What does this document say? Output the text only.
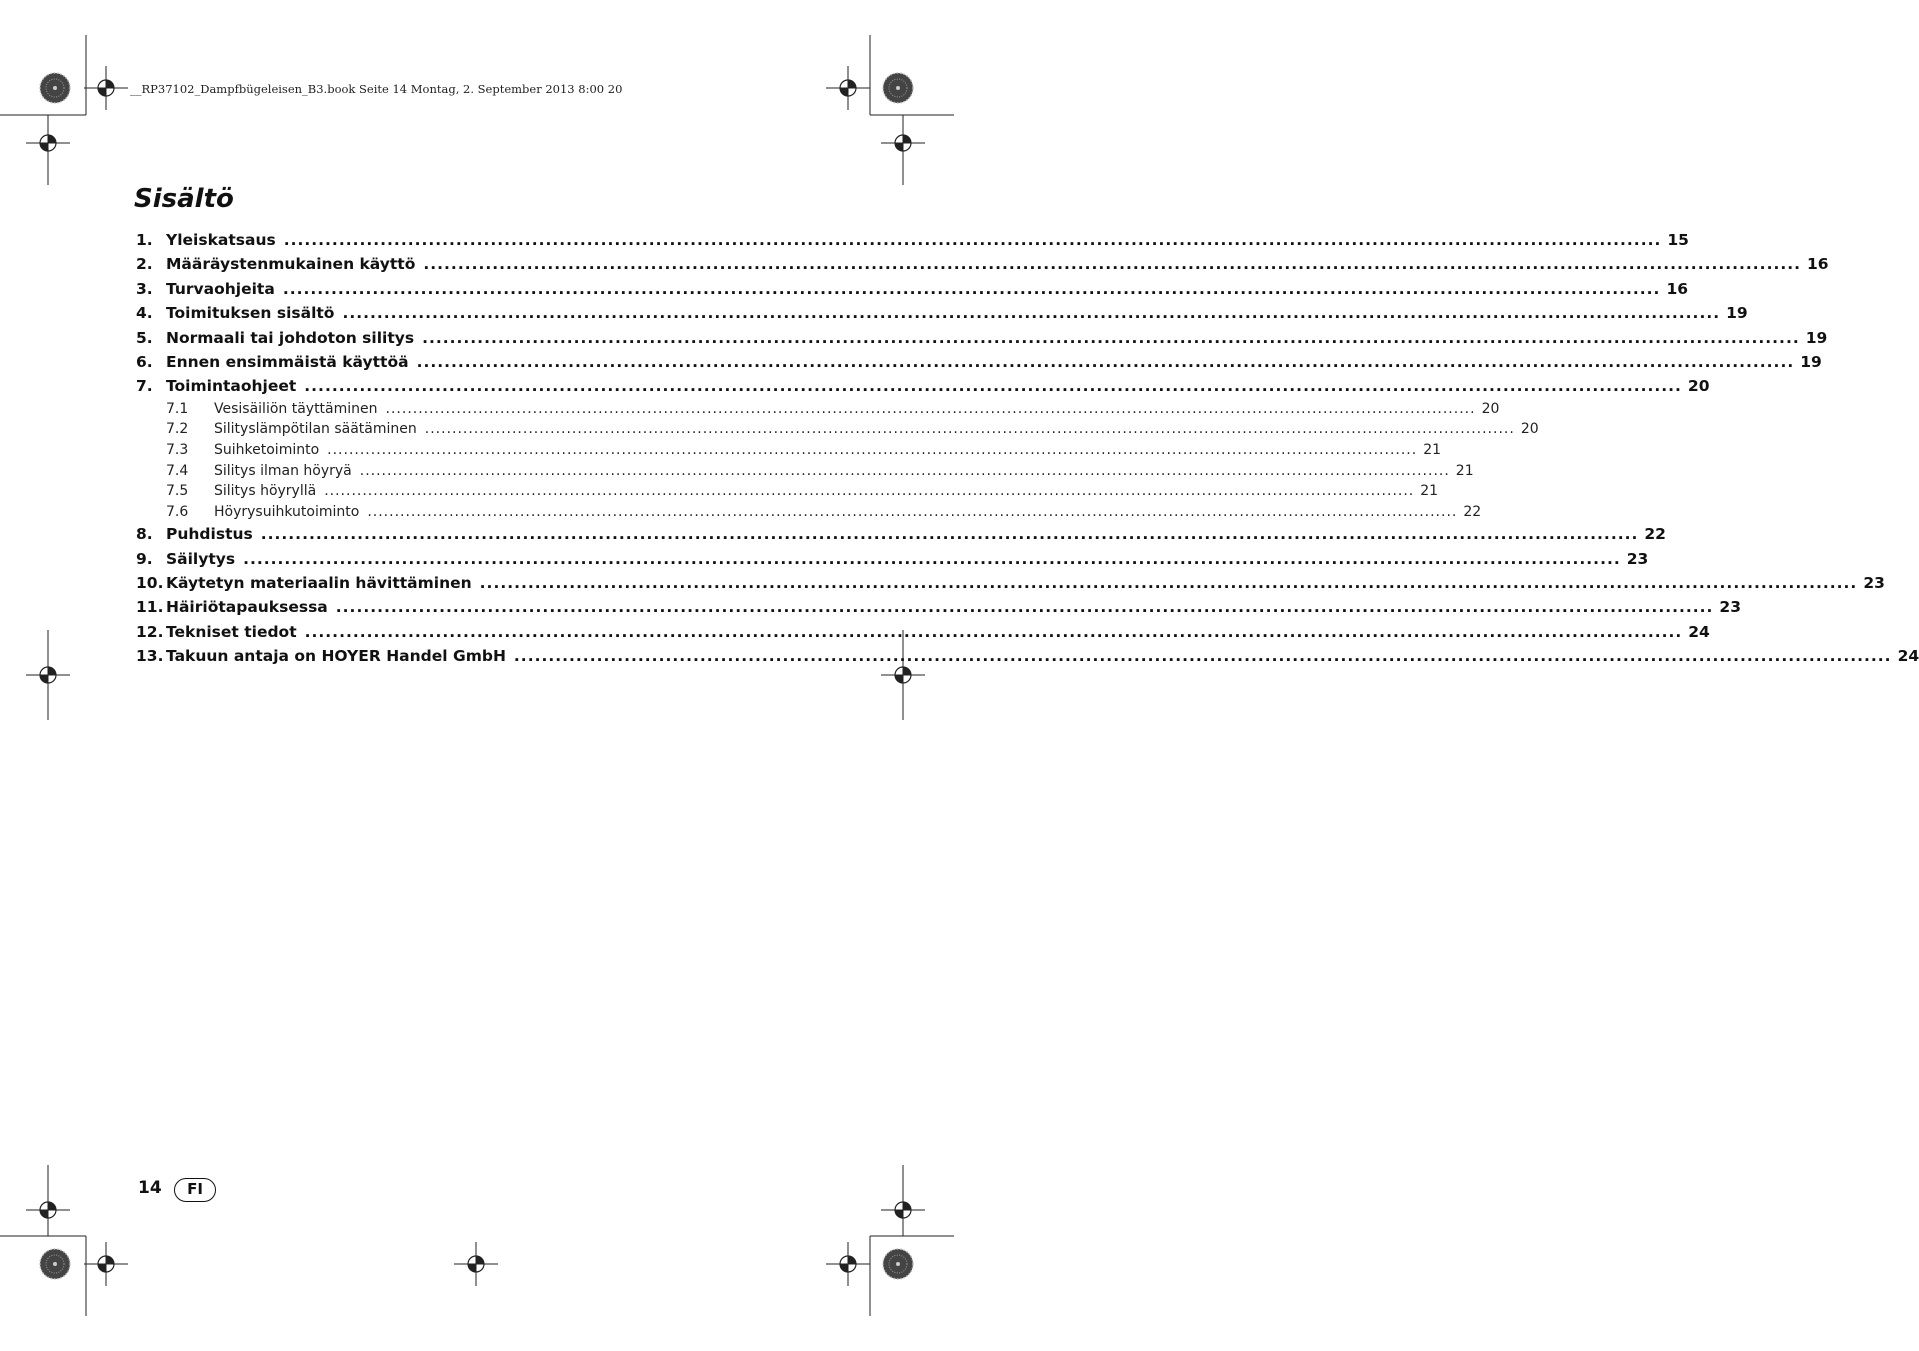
__RP37102_Dampfbügeleisen_B3.book Seite 14 Montag, 2. September 2013 8:00 20
Sisältö
1. Yleiskatsaus ........................................................................................................................................................................................................ 15
2. Määräystenmukainen käyttö ........................................................................................................................................................................................................ 16
3. Turvaohjeita ........................................................................................................................................................................................................ 16
4. Toimituksen sisältö ........................................................................................................................................................................................................ 19
5. Normaali tai johdoton silitys ........................................................................................................................................................................................................ 19
6. Ennen ensimmäistä käyttöä ........................................................................................................................................................................................................ 19
7. Toimintaohjeet ........................................................................................................................................................................................................ 20
7.1	Vesisäiliön täyttäminen ........................................................................................................................................................................................................ 20
7.2	Silityslämpötilan säätäminen ........................................................................................................................................................................................................ 20
7.3	Suihketoiminto ........................................................................................................................................................................................................ 21
7.4	Silitys ilman höyryä ........................................................................................................................................................................................................ 21
7.5	Silitys höyryllä ........................................................................................................................................................................................................ 21
7.6	Höyrysuihkutoiminto ........................................................................................................................................................................................................ 22
8. Puhdistus ........................................................................................................................................................................................................ 22
9. Säilytys ........................................................................................................................................................................................................ 23
10. Käytetyn materiaalin hävittäminen ........................................................................................................................................................................................................ 23
11. Häiriötapauksessa ........................................................................................................................................................................................................ 23
12. Tekniset tiedot ........................................................................................................................................................................................................ 24
13. Takuun antaja on HOYER Handel GmbH ........................................................................................................................................................................................................ 24
14	FI
